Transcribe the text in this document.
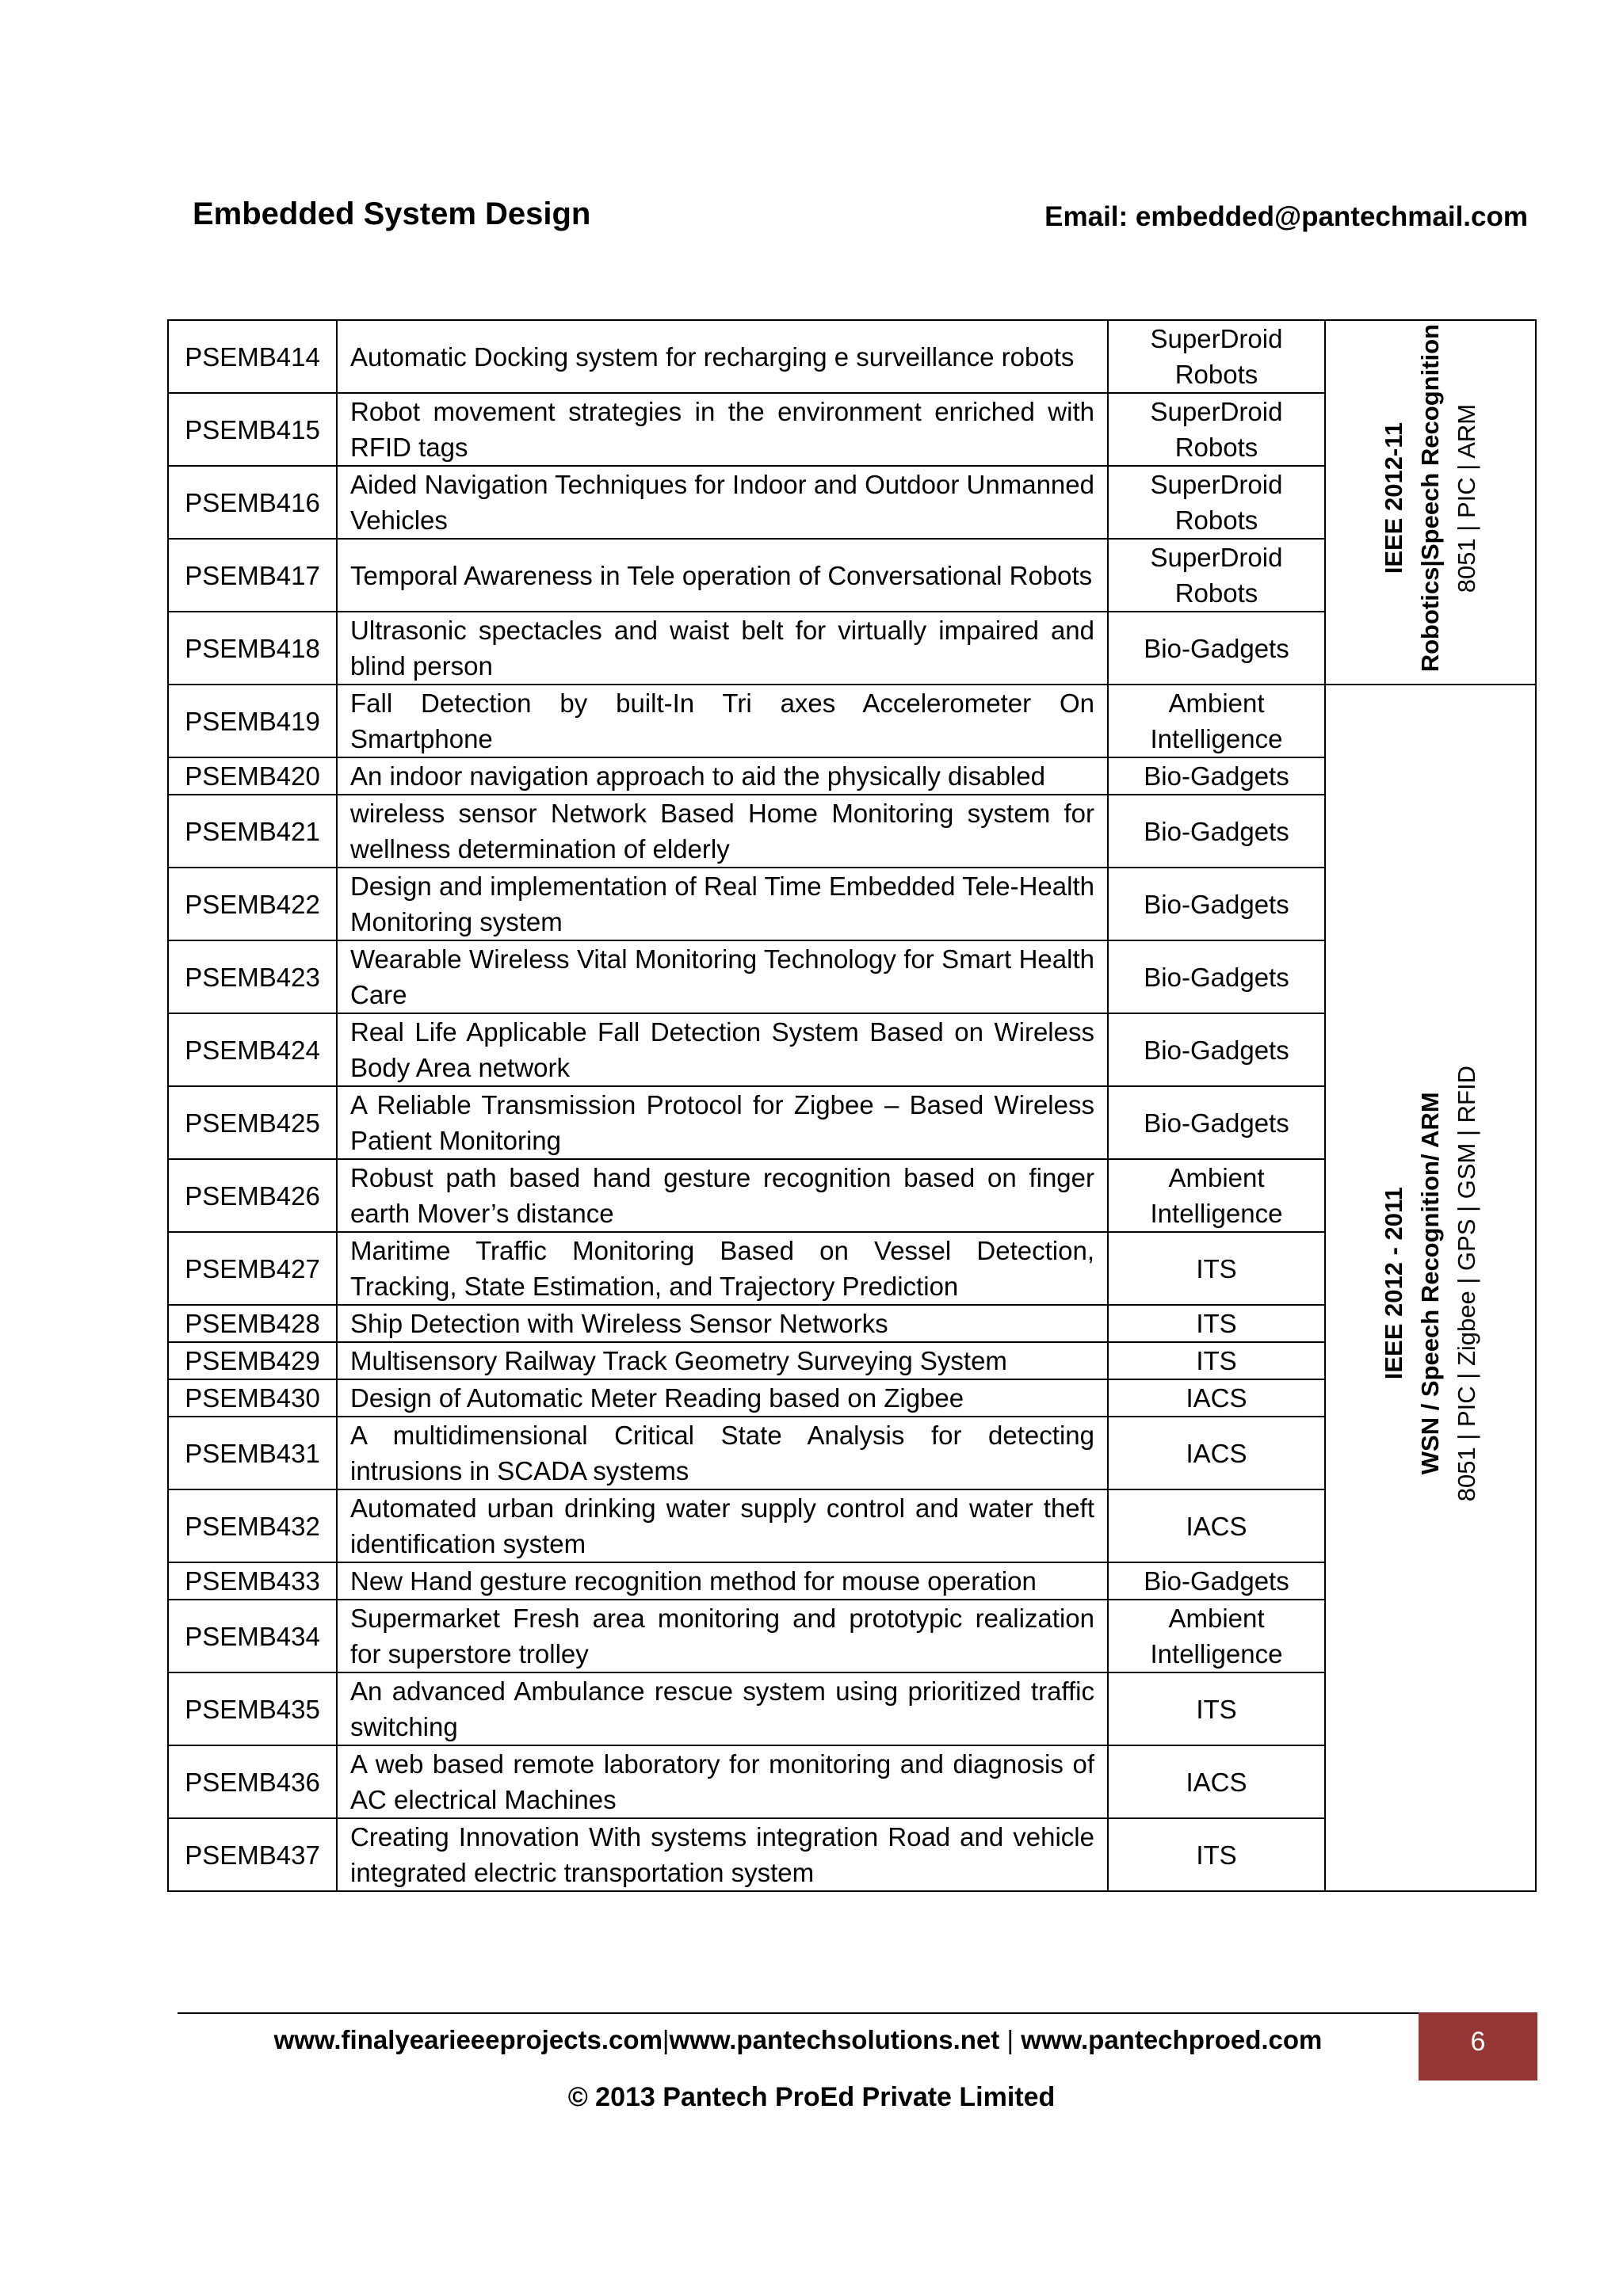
Embedded System Design	Email: embedded@pantechmail.com
PSEMB414	Automatic Docking system for recharging e surveillance robots	SuperDroid Robots	IEEE 2012-11 Robotics|Speech Recognition 8051 | PIC | ARM

PSEMB415	Robot movement strategies in the environment enriched with RFID tags	SuperDroid Robots	
PSEMB416	Aided Navigation Techniques for Indoor and Outdoor Unmanned Vehicles	SuperDroid Robots	
PSEMB417	Temporal Awareness in Tele operation of Conversational Robots	SuperDroid Robots	
PSEMB418	Ultrasonic spectacles and waist belt for virtually impaired and blind person	Bio-Gadgets	
PSEMB419	Fall Detection by built-In Tri axes Accelerometer On Smartphone	Ambient Intelligence	IEEE 2012 - 2011 WSN / Speech Recognition/ ARM 8051 | PIC | Zigbee | GPS | GSM | RFID

PSEMB420	An indoor navigation approach to aid the physically disabled	Bio-Gadgets	
PSEMB421	wireless sensor Network Based Home Monitoring system for wellness determination of elderly	Bio-Gadgets	
PSEMB422	Design and implementation of Real Time Embedded Tele-Health Monitoring system	Bio-Gadgets	
PSEMB423	Wearable Wireless Vital Monitoring Technology for Smart Health Care	Bio-Gadgets	
PSEMB424	Real Life Applicable Fall Detection System Based on Wireless Body Area network	Bio-Gadgets	
PSEMB425	A Reliable Transmission Protocol for Zigbee – Based Wireless Patient Monitoring	Bio-Gadgets	
PSEMB426	Robust path based hand gesture recognition based on finger earth Mover’s distance	Ambient Intelligence	
PSEMB427	Maritime Traffic Monitoring Based on Vessel Detection, Tracking, State Estimation, and Trajectory Prediction	ITS	
PSEMB428	Ship Detection with Wireless Sensor Networks	ITS	
PSEMB429	Multisensory Railway Track Geometry Surveying System	ITS	
PSEMB430	Design of Automatic Meter Reading based on Zigbee	IACS	
PSEMB431	A multidimensional Critical State Analysis for detecting intrusions in SCADA systems	IACS	
PSEMB432	Automated urban drinking water supply control and water theft identification system	IACS	
PSEMB433	New Hand gesture recognition method for mouse operation	Bio-Gadgets	
PSEMB434	Supermarket Fresh area monitoring and prototypic realization for superstore trolley	Ambient Intelligence	
PSEMB435	An advanced Ambulance rescue system using prioritized traffic switching	ITS	
PSEMB436	A web based remote laboratory for monitoring and diagnosis of AC electrical Machines	IACS	
PSEMB437	Creating Innovation With systems integration Road and vehicle integrated electric transportation system	ITS	
www.finalyearieeeprojects.com|www.pantechsolutions.net | www.pantechproed.com	6
© 2013 Pantech ProEd Private Limited
